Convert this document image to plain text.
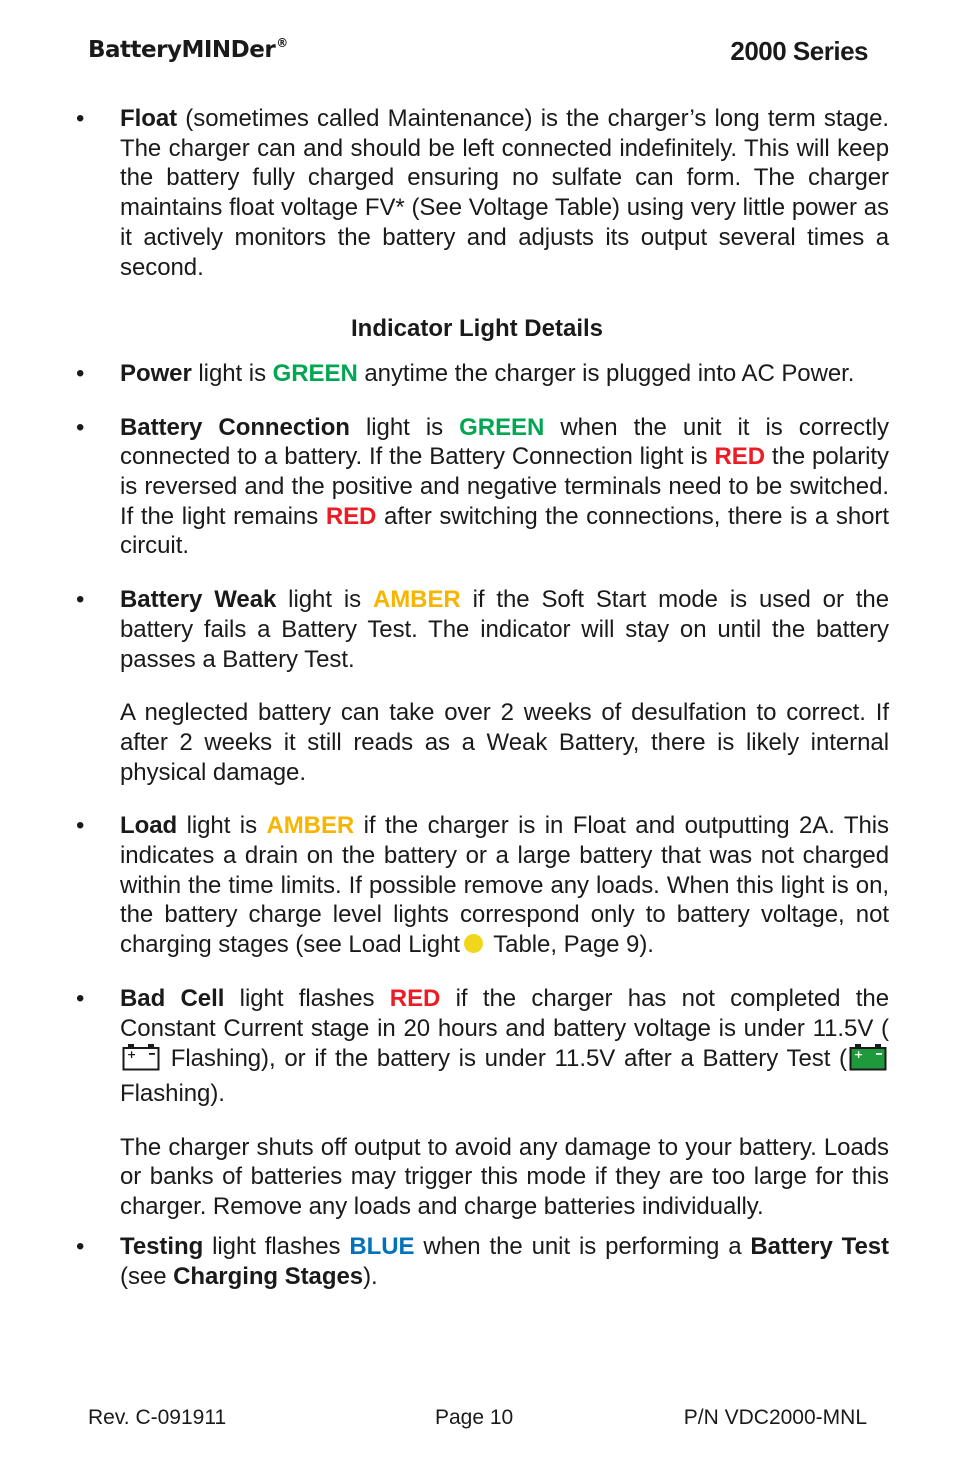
BatteryMINDer®	2000 Series
• Float (sometimes called Maintenance) is the charger’s long term stage. The charger can and should be left connected indefinitely. This will keep the battery fully charged ensuring no sulfate can form. The charger maintains float voltage FV* (See Voltage Table) using very little power as it actively monitors the battery and adjusts its output several times a second.

Indicator Light Details

• Power light is GREEN anytime the charger is plugged into AC Power.

• Battery Connection light is GREEN when the unit it is correctly connected to a battery. If the Battery Connection light is RED the polarity is reversed and the positive and negative terminals need to be switched. If the light remains RED after switching the connections, there is a short circuit.

• Battery Weak light is AMBER if the Soft Start mode is used or the battery fails a Battery Test. The indicator will stay on until the battery passes a Battery Test.

A neglected battery can take over 2 weeks of desulfation to correct. If after 2 weeks it still reads as a Weak Battery, there is likely internal physical damage.

• Load light is AMBER if the charger is in Float and outputting 2A. This indicates a drain on the battery or a large battery that was not charged within the time limits. If possible remove any loads. When this light is on, the battery charge level lights correspond only to battery voltage, not charging stages (see Load Light Table, Page 9).

• Bad Cell light flashes RED if the charger has not completed the Constant Current stage in 20 hours and battery voltage is under 11.5V (
+ Flashing), or if the battery is under 11.5V after a Battery Test ( +
Flashing).

The charger shuts off output to avoid any damage to your battery. Loads or banks of batteries may trigger this mode if they are too large for this charger. Remove any loads and charge batteries individually.

• Testing light flashes BLUE when the unit is performing a Battery Test (see Charging Stages).

Rev. C-091911	Page 10	P/N VDC2000-MNL
